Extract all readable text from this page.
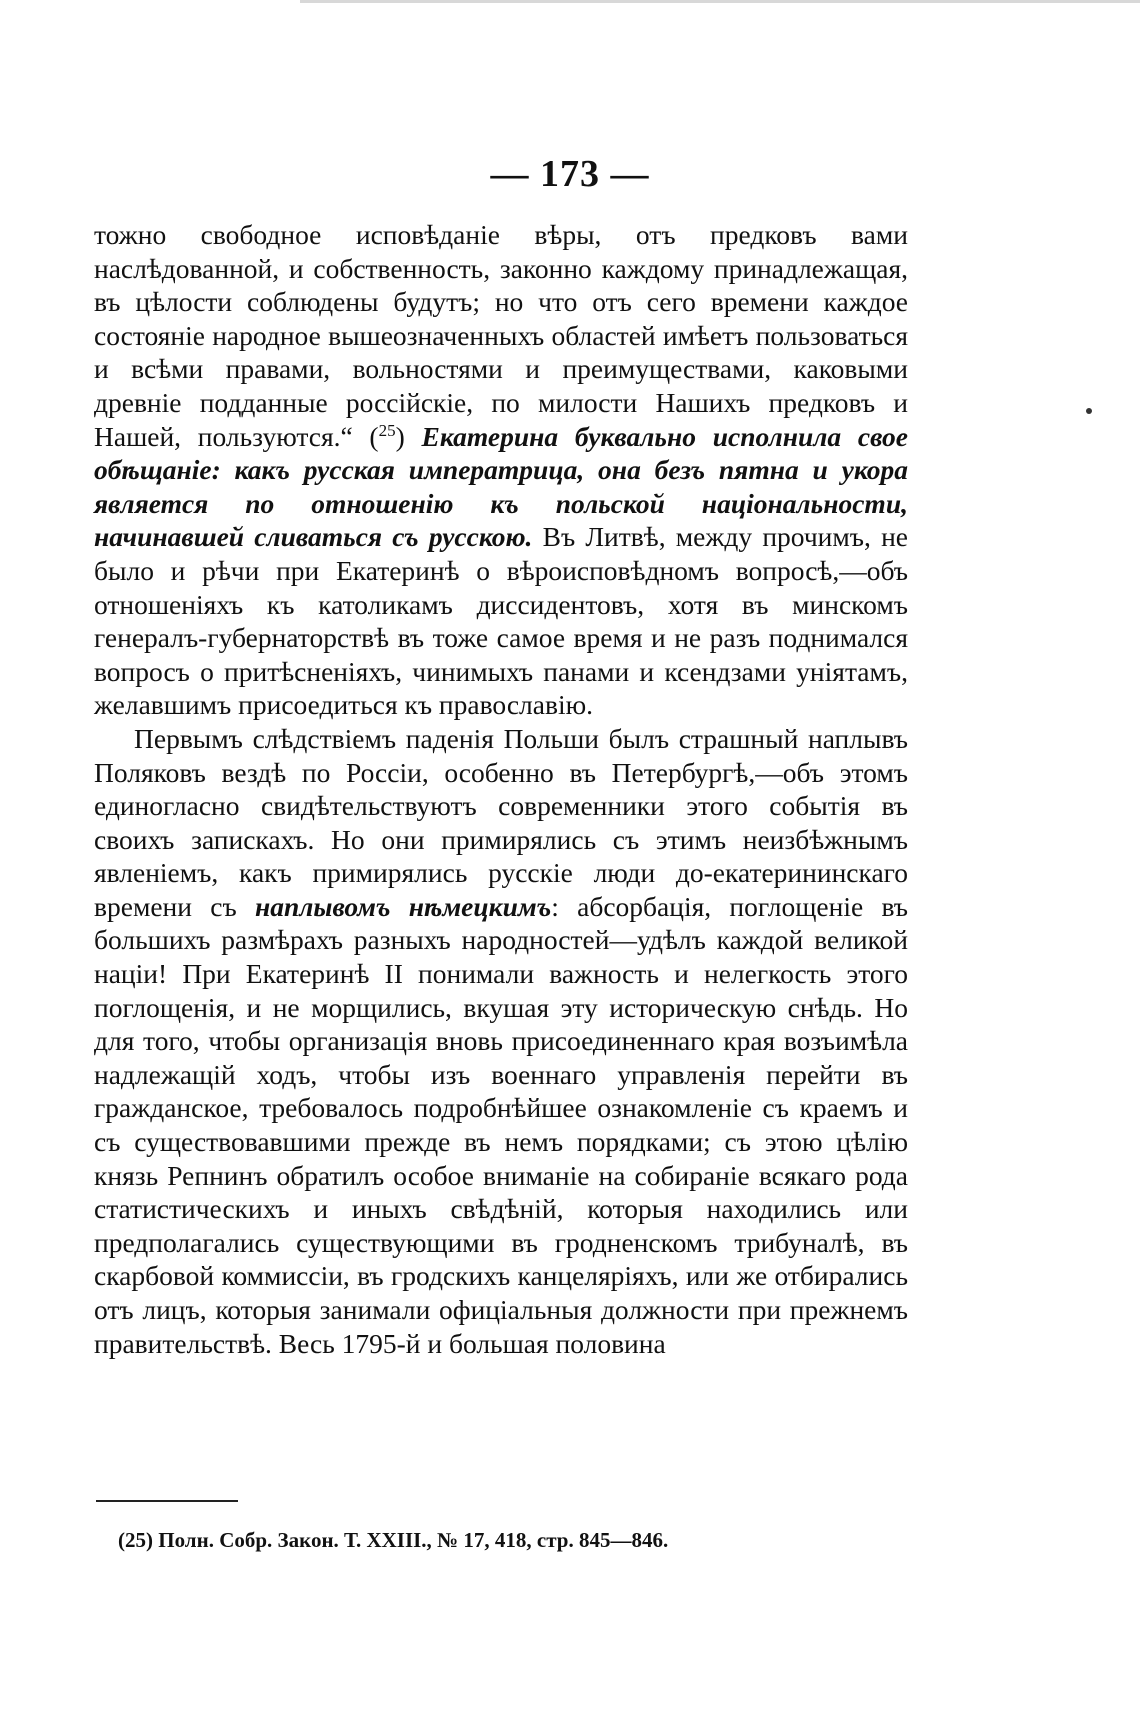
— 173 —

тожно свободное исповѣданіе вѣры, отъ предковъ вами наслѣдованной, и собственность, законно каждому принадлежащая, въ цѣлости соблюдены будутъ; но что отъ сего времени каждое состояніе народное вышеозначенныхъ областей имѣетъ пользоваться и всѣми правами, вольностями и преимуществами, каковыми древніе подданные россійскіе, по милости Нашихъ предковъ и Нашей, пользуются.“ ($^{25}$) Екатерина буквально исполнила свое обѣщаніе: какъ русская императрица, она безъ пятна и укора является по отношенію къ польской національности, начинавшей сливаться съ русскою. Въ Литвѣ, между прочимъ, не было и рѣчи при Екатеринѣ о вѣроисповѣдномъ вопросѣ,—объ отношеніяхъ къ католикамъ диссидентовъ, хотя въ минскомъ генералъ-губернаторствѣ въ тоже самое время и не разъ поднимался вопросъ о притѣсненіяхъ, чинимыхъ панами и ксендзами уніятамъ, желавшимъ присоедиться къ православію.

Первымъ слѣдствіемъ паденія Польши былъ страшный наплывъ Поляковъ вездѣ по Россіи, особенно въ Петербургѣ,—объ этомъ единогласно свидѣтельствуютъ современники этого событія въ своихъ запискахъ. Но они примирялись съ этимъ неизбѣжнымъ явленіемъ, какъ примирялись русскіе люди до-екатерининскаго времени съ наплывомъ нѣмецкимъ: абсорбація, поглощеніе въ большихъ размѣрахъ разныхъ народностей—удѣлъ каждой великой націи! При Екатеринѣ II понимали важность и нелегкость этого поглощенія, и не морщились, вкушая эту историческую снѣдь. Но для того, чтобы организація вновь присоединеннаго края возъимѣла надлежащій ходъ, чтобы изъ военнаго управленія перейти въ гражданское, требовалось подробнѣйшее ознакомленіе съ краемъ и съ существовавшими прежде въ немъ порядками; съ этою цѣлію князь Репнинъ обратилъ особое вниманіе на собираніе всякаго рода статистическихъ и иныхъ свѣдѣній, которыя находились или предполагались существующими въ гродненскомъ трибуналѣ, въ скарбовой коммиссіи, въ гродскихъ канцеляріяхъ, или же отбирались отъ лицъ, которыя занимали офиціальныя должности при прежнемъ правительствѣ. Весь 1795-й и большая половина

(25) Полн. Собр. Закон. Т. XXIII., № 17, 418, стр. 845—846.
